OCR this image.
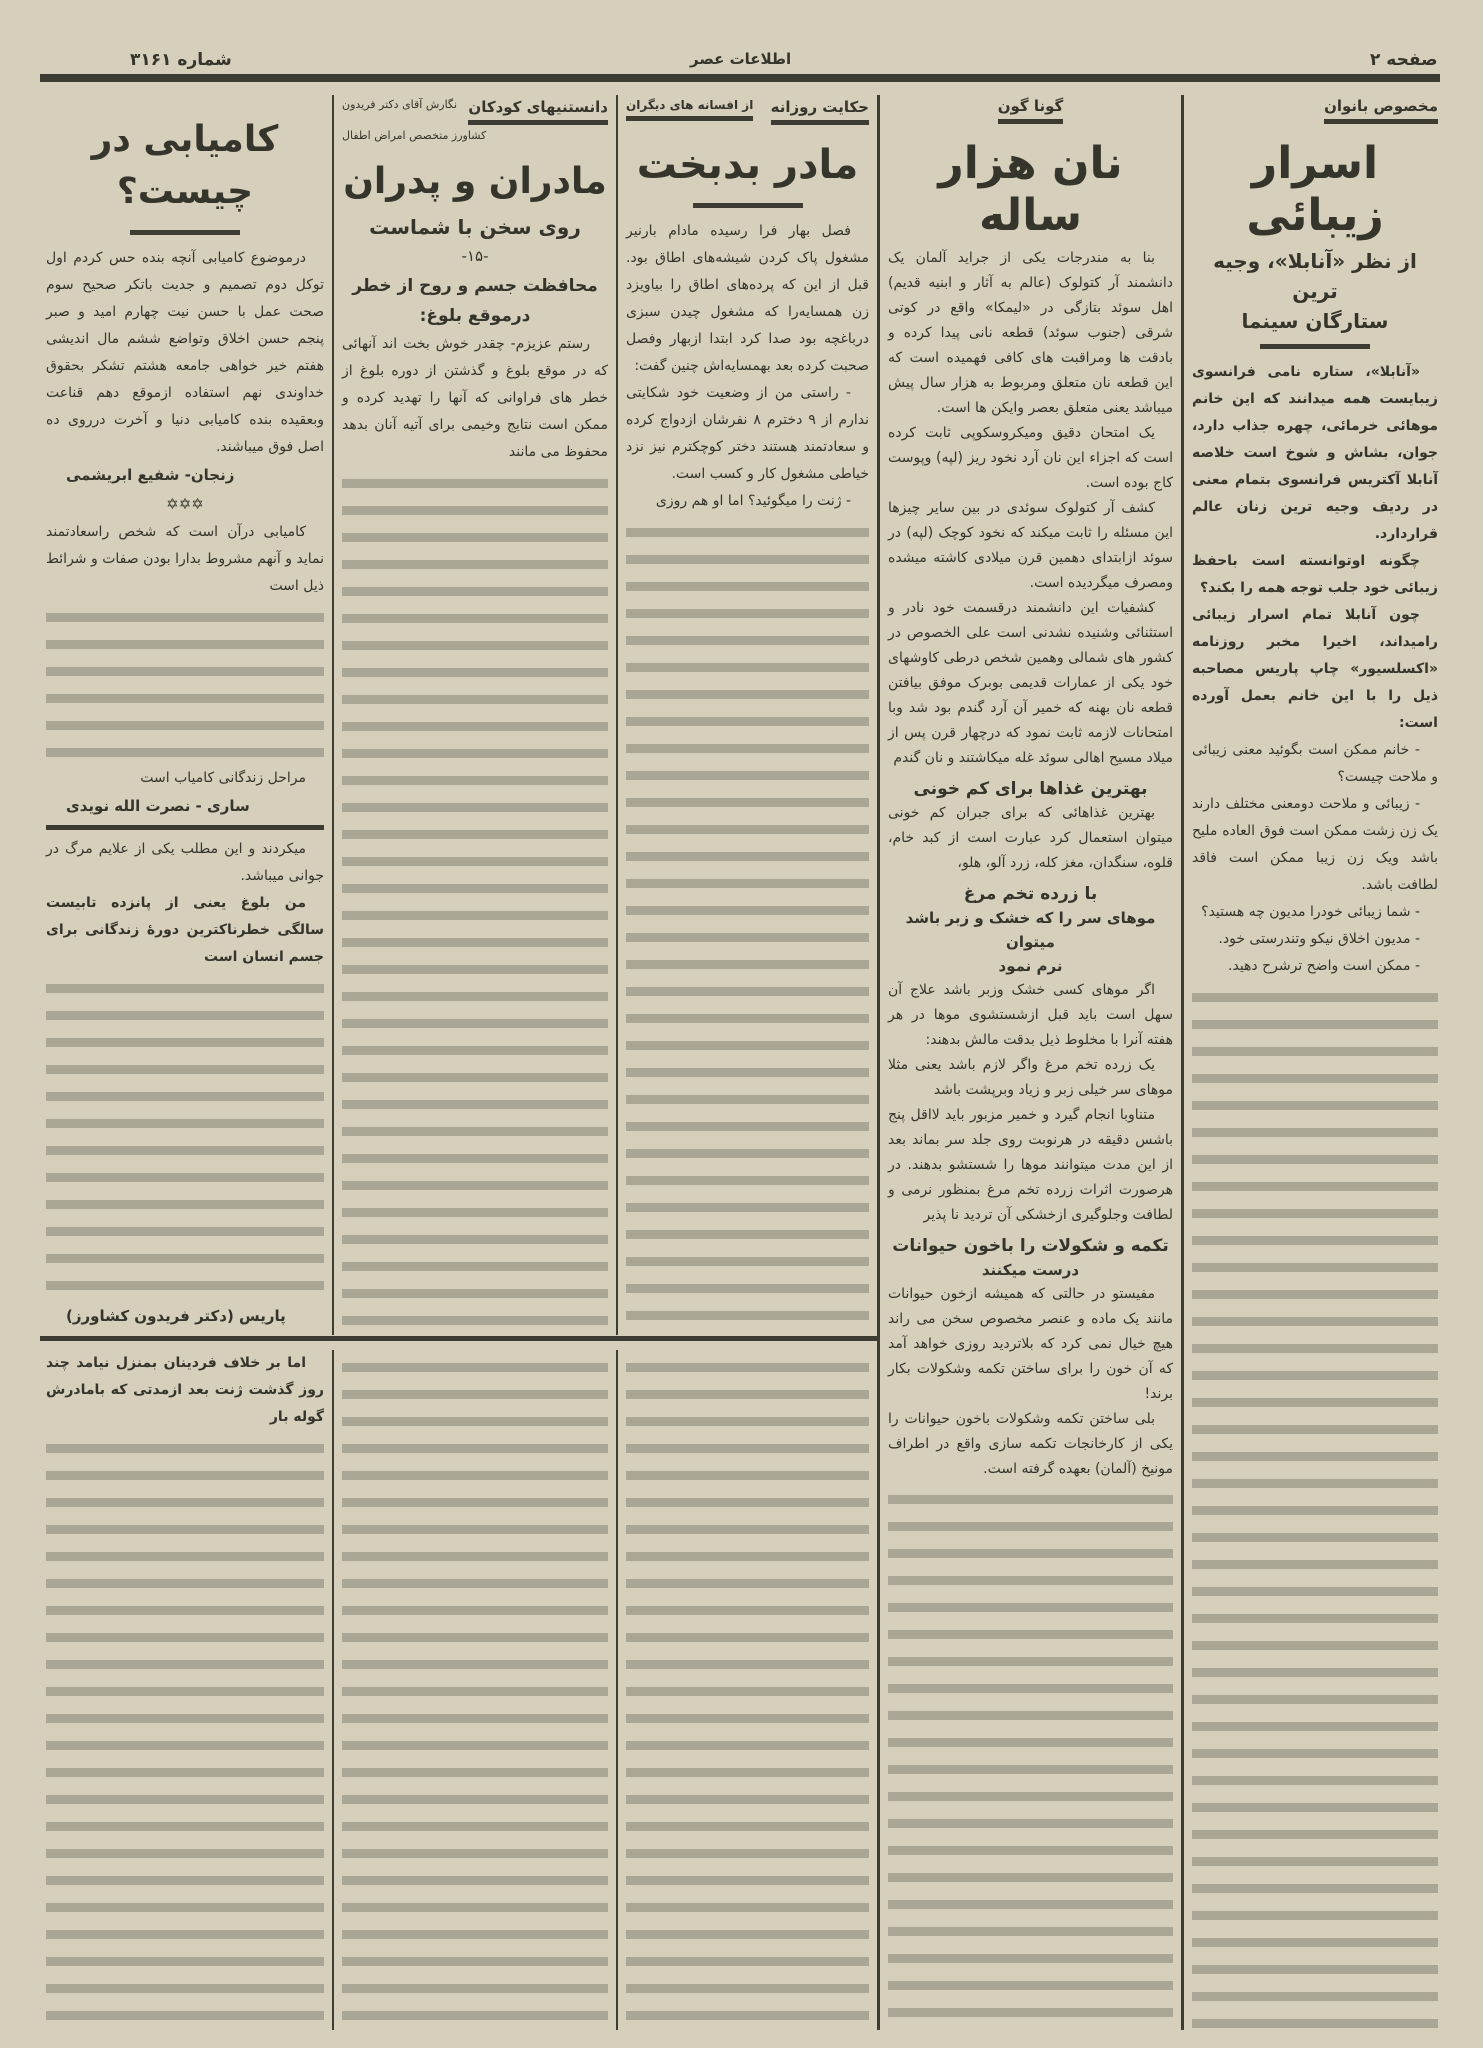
شماره ۳۱۶۱	اطلاعات عصر	صفحه ۲
مخصوص بانوان
اسرار زیبائی
از نظر «آنابلا»، وجیه ترین
ستارگان سینما

«آنابلا»، ستاره نامی فرانسوی زیبایست همه میدانند که این خانم موهائی خرمائی، چهره جذاب دارد، جوان، بشاش و شوخ است خلاصه آنابلا آکتریس فرانسوی بتمام معنی در ردیف وجیه ترین زنان عالم قراردارد.

چگونه اوتوانسته است باحفظ زیبائی خود جلب توجه همه را بکند؟

چون آنابلا تمام اسرار زیبائی رامیداند، اخیرا مخبر روزنامه «اکسلسیور» چاپ پاریس مصاحبه ذیل را با این خانم بعمل آورده است:

- خانم ممکن است بگوئید معنی زیبائی و ملاحت چیست؟

- زیبائی و ملاحت دومعنی مختلف دارند یک زن زشت ممکن است فوق العاده ملیح باشد ویک زن زیبا ممکن است فاقد لطافت باشد.

- شما زیبائی خودرا مدیون چه هستید؟

- مدیون اخلاق نیکو وتندرستی خود.

- ممکن است واضح ترشرح دهید.

گونا گون
نان هزار ساله

بنا به مندرجات یکی از جراید آلمان یک دانشمند آر کتولوک (عالم به آثار و ابنیه قدیم) اهل سوئد بتازگی در «لیمکا» واقع در کوتی شرقی (جنوب سوئد) قطعه نانی پیدا کرده و بادقت ها ومراقبت های کافی فهمیده است که این قطعه نان متعلق ومربوط به هزار سال پیش میباشد یعنی متعلق بعصر وایکن ها است.

یک امتحان دقیق ومیکروسکوپی ثابت کرده است که اجزاء این نان آرد نخود ریز (لپه) وپوست کاج بوده است.

کشف آر کتولوک سوئدی در بین سایر چیزها این مسئله را ثابت میکند که نخود کوچک (لپه) در سوئد ازابتدای دهمین قرن میلادی کاشته میشده ومصرف میگردیده است.

کشفیات این دانشمند درقسمت خود نادر و استثنائی وشنیده نشدنی است علی الخصوص در کشور های شمالی وهمین شخص درطی کاوشهای خود یکی از عمارات قدیمی بوبرک موفق بیافتن قطعه نان بهنه که خمیر آن آرد گندم بود شد وبا امتحانات لازمه ثابت نمود که درچهار قرن پس از میلاد مسیح اهالی سوئد غله میکاشتند و نان گندم

بهترین غذاها برای کم خونی

بهترین غذاهائی که برای جبران کم خونی میتوان استعمال کرد عبارت است از کبد خام، قلوه، سنگدان، مغز کله، زرد آلو، هلو،

با زرده تخم مرغ
موهای سر را که خشک و زبر باشد میتوان
نرم نمود

اگر موهای کسی خشک وزبر باشد علاج آن سهل است باید قبل ازشستشوی موها در هر هفته آنرا با مخلوط ذیل بدقت مالش بدهند:

یک زرده تخم مرغ واگر لازم باشد یعنی مثلا موهای سر خیلی زبر و زیاد وبرپشت باشد

متناوبا انجام گیرد و خمیر مزبور باید لااقل پنج باشس دقیقه در هرنوبت روی جلد سر بماند بعد از این مدت میتوانند موها را شستشو بدهند. در هرصورت اثرات زرده تخم مرغ بمنظور نرمی و لطافت وجلوگیری ازخشکی آن تردید نا پذیر

تکمه و شکولات را باخون حیوانات
درست میکنند

مفیستو در حالتی که همیشه ازخون حیوانات مانند یک ماده و عنصر مخصوص سخن می راند هیچ خیال نمی کرد که بلاتردید روزی خواهد آمد که آن خون را برای ساختن تکمه وشکولات بکار برند!

بلی ساختن تکمه وشکولات باخون حیوانات را یکی از کارخانجات تکمه سازی واقع در اطراف مونیخ (آلمان) بعهده گرفته است.

حکایت روزانه
از افسانه های دیگران
مادر بدبخت

فصل بهار فرا رسیده مادام بارنیر مشغول پاک کردن شیشه‌های اطاق بود. قبل از این که پرده‌های اطاق را بیاویزد زن همسایه‌را که مشغول چیدن سبزی درباغچه بود صدا کرد ابتدا ازبهار وفصل صحبت کرده بعد بهمسایه‌اش چنین گفت:

- راستی من از وضعیت خود شکایتی ندارم از ۹ دخترم ۸ نفرشان ازدواج کرده و سعادتمند هستند دختر کوچکترم نیز نزد خیاطی مشغول کار و کسب است.

- ژنت را میگوئید؟ اما او هم روزی

دانستنیهای کودکان
نگارش آقای دکتر فریدون
کشاورز متخصص امراض اطفال
مادران و پدران
روی سخن با شماست
-۱۵-
محافظت جسم و روح از خطر درموقع بلوغ:

رستم عزیزم- چقدر خوش بخت اند آنهائی که در موقع بلوغ و گذشتن از دوره بلوغ از خطر های فراوانی که آنها را تهدید کرده و ممکن است نتایج وخیمی برای آتیه آنان بدهد محفوظ می مانند

کامیابی در چیست؟

درموضوع کامیابی آنچه بنده حس کردم اول توکل دوم تصمیم و جدیت باتکر صحیح سوم صحت عمل با حسن نیت چهارم امید و صبر پنجم حسن اخلاق وتواضع ششم مال اندیشی هفتم خیر خواهی جامعه هشتم تشکر بحقوق خداوندی نهم استفاده ازموقع دهم قناعت وبعقیده بنده کامیابی دنیا و آخرت درروی ده اصل فوق میباشند.

زنجان- شفیع ابریشمی
✡✡✡

کامیابی درآن است که شخص راسعادتمند نماید و آنهم مشروط بدارا بودن صفات و شرائط ذیل است

مراحل زندگانی کامیاب است

ساری - نصرت الله نویدی

میکردند و این مطلب یکی از علایم مرگ در جوانی میباشد.

من بلوغ یعنی از پانزده تابیست سالگی خطرناکترین دورهٔ زندگانی برای جسم انسان است

پاریس (دکتر فریدون کشاورز)

اما بر خلاف فردینان بمنزل نیامد چند روز گذشت ژنت بعد ازمدتی که بامادرش گوله بار
